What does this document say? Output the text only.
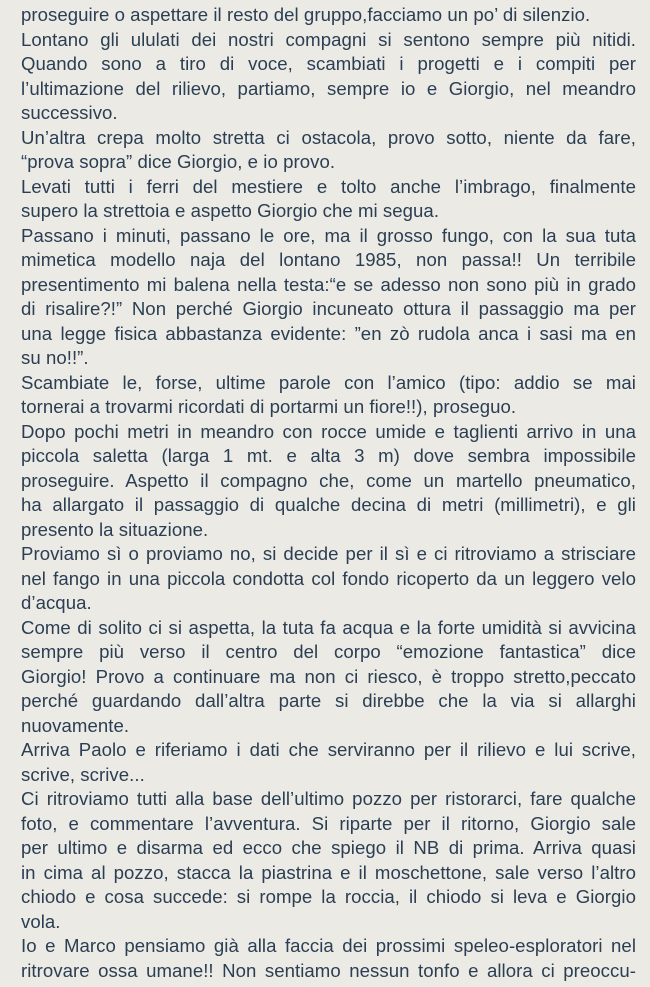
proseguire o aspettare il resto del gruppo,facciamo un po’ di silenzio.
Lontano gli ululati dei nostri compagni si sentono sempre più nitidi.
Quando sono a tiro di voce, scambiati i progetti e i compiti per
l’ultimazione del rilievo, partiamo, sempre io e Giorgio, nel meandro
successivo.
Un’altra crepa molto stretta ci ostacola, provo sotto, niente da fare,
“prova sopra” dice Giorgio, e io provo.
Levati tutti i ferri del mestiere e tolto anche l’imbrago, finalmente
supero la strettoia e aspetto Giorgio che mi segua.
Passano i minuti, passano le ore, ma il grosso fungo, con la sua tuta
mimetica modello naja del lontano 1985, non passa!! Un terribile
presentimento mi balena nella testa:“e se adesso non sono più in grado
di risalire?!” Non perché Giorgio incuneato ottura il passaggio ma per
una legge fisica abbastanza evidente: ”en zò rudola anca i sasi ma en
su no!!”.
Scambiate le, forse, ultime parole con l’amico (tipo: addio se mai
tornerai a trovarmi ricordati di portarmi un fiore!!), proseguo.
Dopo pochi metri in meandro con rocce umide e taglienti arrivo in una
piccola saletta (larga 1 mt. e alta 3 m) dove sembra impossibile
proseguire. Aspetto il compagno che, come un martello pneumatico,
ha allargato il passaggio di qualche decina di metri (millimetri), e gli
presento la situazione.
Proviamo sì o proviamo no, si decide per il sì e ci ritroviamo a strisciare
nel fango in una piccola condotta col fondo ricoperto da un leggero velo
d’acqua.
Come di solito ci si aspetta, la tuta fa acqua e la forte umidità si avvicina
sempre più verso il centro del corpo “emozione fantastica” dice
Giorgio! Provo a continuare ma non ci riesco, è troppo stretto,peccato
perché guardando dall’altra parte si direbbe che la via si allarghi
nuovamente.
Arriva Paolo e riferiamo i dati che serviranno per il rilievo e lui scrive,
scrive, scrive...
Ci ritroviamo tutti alla base dell’ultimo pozzo per ristorarci, fare qualche
foto, e commentare l’avventura. Si riparte per il ritorno, Giorgio sale
per ultimo e disarma ed ecco che spiego il NB di prima. Arriva quasi
in cima al pozzo, stacca la piastrina e il moschettone, sale verso l’altro
chiodo e cosa succede: si rompe la roccia, il chiodo si leva e Giorgio
vola.
Io e Marco pensiamo già alla faccia dei prossimi speleo-esploratori nel
ritrovare ossa umane!! Non sentiamo nessun tonfo e allora ci preoccu-
